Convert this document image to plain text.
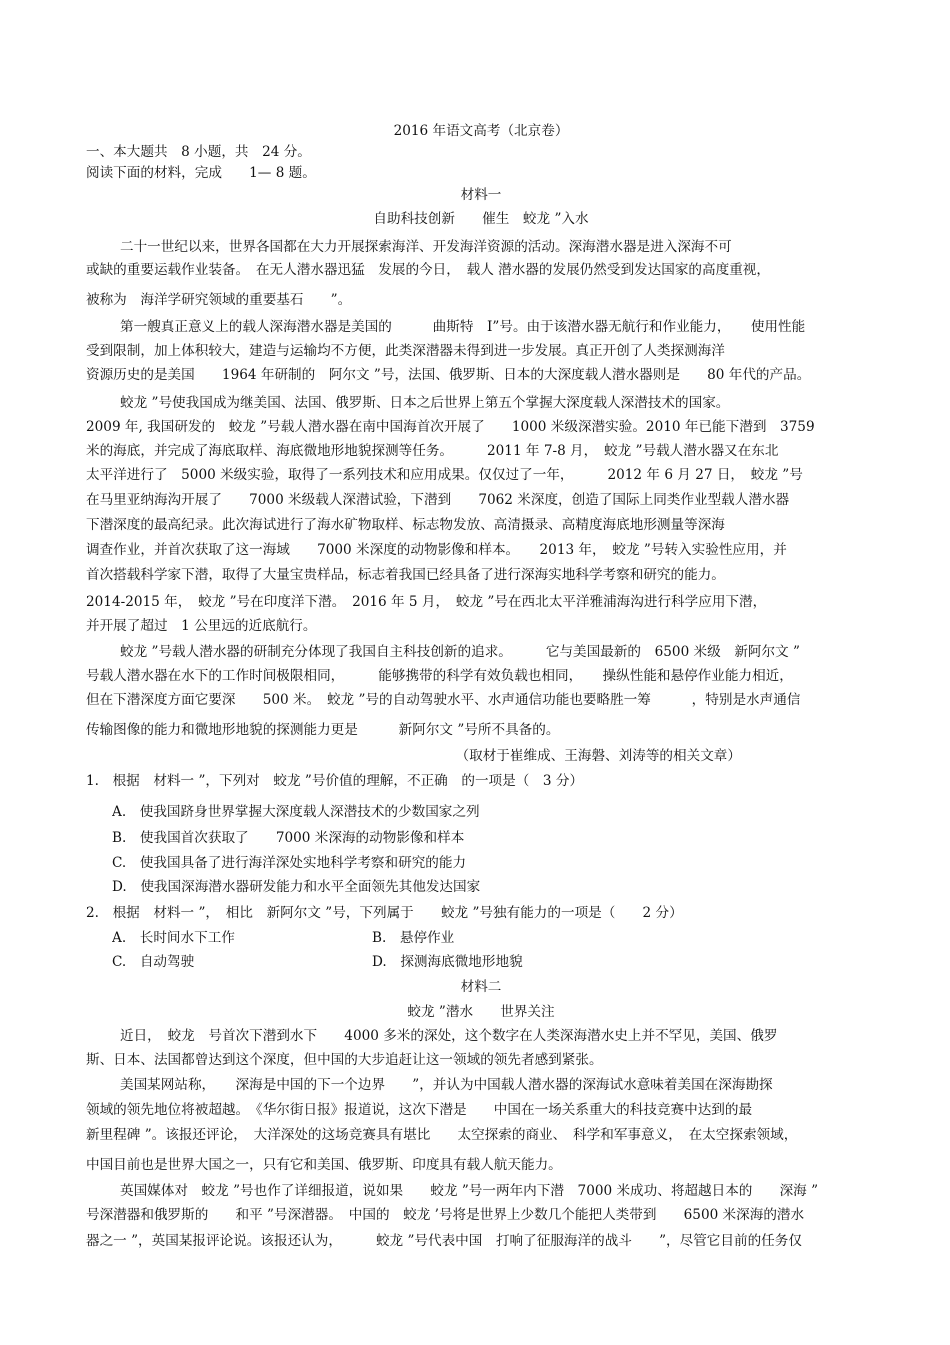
2016 年语文高考（北京卷）
一、本大题共　8 小题，共　24 分。
阅读下面的材料，完成　　1— 8 题。
材料一
自助科技创新　　催生　蛟龙 ”入水
二十一世纪以来，世界各国都在大力开展探索海洋、开发海洋资源的活动。深海潜水器是进入深海不可
或缺的重要运载作业装备。　在无人潜水器迅猛　发展的今日，　载人 潜水器的发展仍然受到发达国家的高度重视，
被称为　海洋学研究领域的重要基石　　”。
第一艘真正意义上的载人深海潜水器是美国的　　　曲斯特　I”号。由于该潜水器无航行和作业能力，　　使用性能
受到限制，加上体积较大，建造与运输均不方便，此类深潜器未得到进一步发展。真正开创了人类探测海洋
资源历史的是美国　　1964 年研制的　阿尔文 ”号，法国、俄罗斯、日本的大深度载人潜水器则是　　80 年代的产品。
蛟龙 ”号使我国成为继美国、法国、俄罗斯、日本之后世界上第五个掌握大深度载人深潜技术的国家。
2009 年, 我国研发的　蛟龙 ”号载人潜水器在南中国海首次开展了　　1000 米级深潜实验。2010 年已能下潜到　3759
米的海底，并完成了海底取样、海底微地形地貌探测等任务。　　　2011 年 7-8 月，　蛟龙 ”号载人潜水器又在东北
太平洋进行了　5000 米级实验，取得了一系列技术和应用成果。仅仅过了一年，　　　2012 年 6 月 27 日，　蛟龙 ”号
在马里亚纳海沟开展了　　7000 米级载人深潜试验，下潜到　　7062 米深度，创造了国际上同类作业型载人潜水器
下潜深度的最高纪录。此次海试进行了海水矿物取样、标志物发放、高清摄录、高精度海底地形测量等深海
调查作业，并首次获取了这一海域　　7000 米深度的动物影像和样本。　　2013 年，　蛟龙 ”号转入实验性应用，并
首次搭载科学家下潜，取得了大量宝贵样品，标志着我国已经具备了进行深海实地科学考察和研究的能力。
2014-2015 年，　蛟龙 ”号在印度洋下潜。　2016 年 5 月，　蛟龙 ”号在西北太平洋雅浦海沟进行科学应用下潜，
并开展了超过　1 公里远的近底航行。
蛟龙 ”号载人潜水器的研制充分体现了我国自主科技创新的追求。　　　它与美国最新的　6500 米级　新阿尔文 ”
号载人潜水器在水下的工作时间极限相同，　　　能够携带的科学有效负载也相同，　　操纵性能和悬停作业能力相近，
但在下潜深度方面它要深　　500 米。　蛟龙 ”号的自动驾驶水平、水声通信功能也要略胜一筹　　　，特别是水声通信
传输图像的能力和微地形地貌的探测能力更是　　　新阿尔文 ”号所不具备的。
（取材于崔维成、王海磐、刘涛等的相关文章）
1.　根据　材料一 ”，下列对　蛟龙 ”号价值的理解，不正确　的一项是（　3 分）
A.　使我国跻身世界掌握大深度载人深潜技术的少数国家之列
B.　使我国首次获取了　　7000 米深海的动物影像和样本
C.　使我国具备了进行海洋深处实地科学考察和研究的能力
D.　使我国深海潜水器研发能力和水平全面领先其他发达国家
2.　根据　材料一 ”，　相比　新阿尔文 ”号，下列属于　　蛟龙 ”号独有能力的一项是（　　2 分）
A.　长时间水下工作	B.　悬停作业
C.　自动驾驶	D.　探测海底微地形地貌
材料二
蛟龙 ”潜水　　世界关注
近日，　蛟龙　号首次下潜到水下　　4000 多米的深处，这个数字在人类深海潜水史上并不罕见，美国、俄罗
斯、日本、法国都曾达到这个深度，但中国的大步追赶让这一领域的领先者感到紧张。
美国某网站称，　　深海是中国的下一个边界　　”，并认为中国载人潜水器的深海试水意味着美国在深海勘探
领域的领先地位将被超越。　《华尔街日报》报道说，这次下潜是　　中国在一场关系重大的科技竞赛中达到的最
新里程碑 ”。该报还评论，　大洋深处的这场竞赛具有堪比　　太空探索的商业、　科学和军事意义，　在太空探索领域，
中国目前也是世界大国之一，只有它和美国、俄罗斯、印度具有载人航天能力。
英国媒体对　蛟龙 ”号也作了详细报道，说如果　　蛟龙 ”号一两年内下潜　7000 米成功、将超越日本的　　深海 ”
号深潜器和俄罗斯的　　和平 ”号深潜器。　中国的　蛟龙 ’号将是世界上少数几个能把人类带到　　6500 米深海的潜水
器之一 ”，英国某报评论说。该报还认为，　　　蛟龙 ”号代表中国　打响了征服海洋的战斗　　”，尽管它目前的任务仅
